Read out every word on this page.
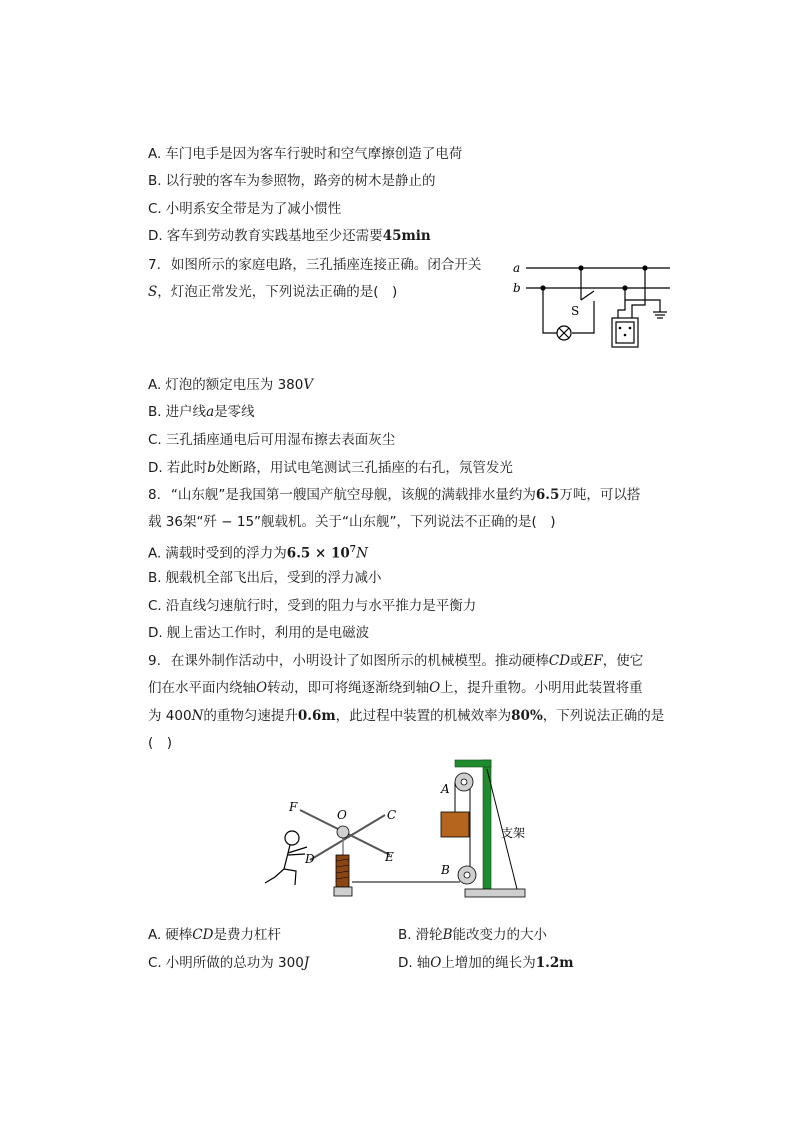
A. 车门电手是因为客车行驶时和空气摩擦创造了电荷
B. 以行驶的客车为参照物，路旁的树木是静止的
C. 小明系安全带是为了减小惯性
D. 客车到劳动教育实践基地至少还需要45min
7. 如图所示的家庭电路，三孔插座连接正确。闭合开关
S，灯泡正常发光，下列说法正确的是(　)
a
b
S
A. 灯泡的额定电压为 380V
B. 进户线a是零线
C. 三孔插座通电后可用湿布擦去表面灰尘
D. 若此时b处断路，用试电笔测试三孔插座的右孔，氖管发光
8. “山东舰”是我国第一艘国产航空母舰，该舰的满载排水量约为6.5万吨，可以搭
载 36架“歼 − 15”舰载机。关于“山东舰”，下列说法不正确的是(　)
A. 满载时受到的浮力为$6.5 \times 10^7N$
B. 舰载机全部飞出后，受到的浮力减小
C. 沿直线匀速航行时，受到的阻力与水平推力是平衡力
D. 舰上雷达工作时，利用的是电磁波
9. 在课外制作活动中，小明设计了如图所示的机械模型。推动硬棒CD或EF，使它
们在水平面内绕轴O转动，即可将绳逐渐绕到轴O上，提升重物。小明用此装置将重
为 400N的重物匀速提升0.6m，此过程中装置的机械效率为80%，下列说法正确的是
(　)
F
O	C
E
D
A
B
支架
A. 硬棒CD是费力杠杆	B. 滑轮B能改变力的大小
C. 小明所做的总功为 300J	D. 轴O上增加的绳长为1.2m
